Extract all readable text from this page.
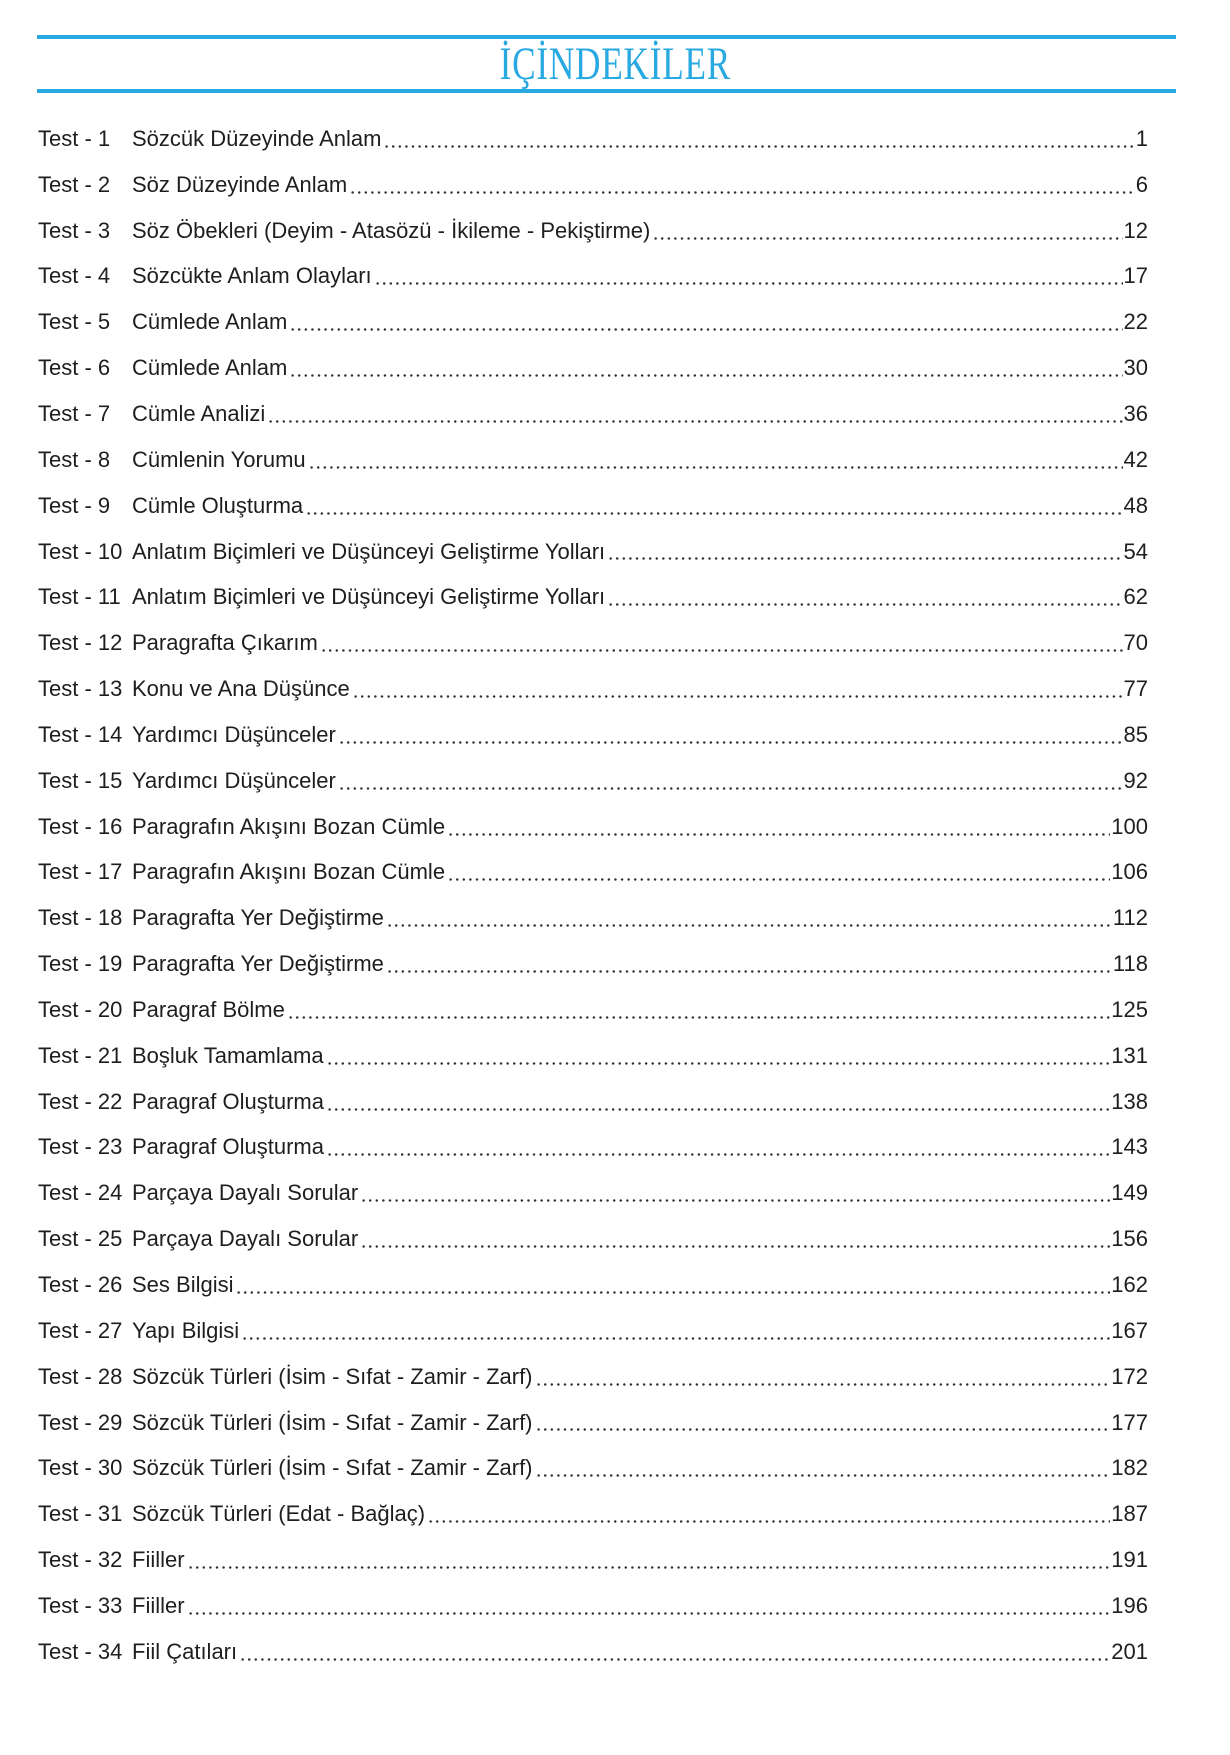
İÇİNDEKİLER
Test - 1 Sözcük Düzeyinde Anlam	1
Test - 2 Söz Düzeyinde Anlam	6
Test - 3 Söz Öbekleri (Deyim - Atasözü - İkileme - Pekiştirme)	12
Test - 4 Sözcükte Anlam Olayları	17
Test - 5 Cümlede Anlam	22
Test - 6 Cümlede Anlam	30
Test - 7 Cümle Analizi	36
Test - 8 Cümlenin Yorumu	42
Test - 9 Cümle Oluşturma	48
Test - 10 Anlatım Biçimleri ve Düşünceyi Geliştirme Yolları	54
Test - 11 Anlatım Biçimleri ve Düşünceyi Geliştirme Yolları	62
Test - 12 Paragrafta Çıkarım	70
Test - 13 Konu ve Ana Düşünce	77
Test - 14 Yardımcı Düşünceler	85
Test - 15 Yardımcı Düşünceler	92
Test - 16 Paragrafın Akışını Bozan Cümle	100
Test - 17 Paragrafın Akışını Bozan Cümle	106
Test - 18 Paragrafta Yer Değiştirme	112
Test - 19 Paragrafta Yer Değiştirme	118
Test - 20 Paragraf Bölme	125
Test - 21 Boşluk Tamamlama	131
Test - 22 Paragraf Oluşturma	138
Test - 23 Paragraf Oluşturma	143
Test - 24 Parçaya Dayalı Sorular	149
Test - 25 Parçaya Dayalı Sorular	156
Test - 26 Ses Bilgisi	162
Test - 27 Yapı Bilgisi	167
Test - 28 Sözcük Türleri (İsim - Sıfat - Zamir - Zarf)	172
Test - 29 Sözcük Türleri (İsim - Sıfat - Zamir - Zarf)	177
Test - 30 Sözcük Türleri (İsim - Sıfat - Zamir - Zarf)	182
Test - 31 Sözcük Türleri (Edat - Bağlaç)	187
Test - 32 Fiiller	191
Test - 33 Fiiller	196
Test - 34 Fiil Çatıları	201
